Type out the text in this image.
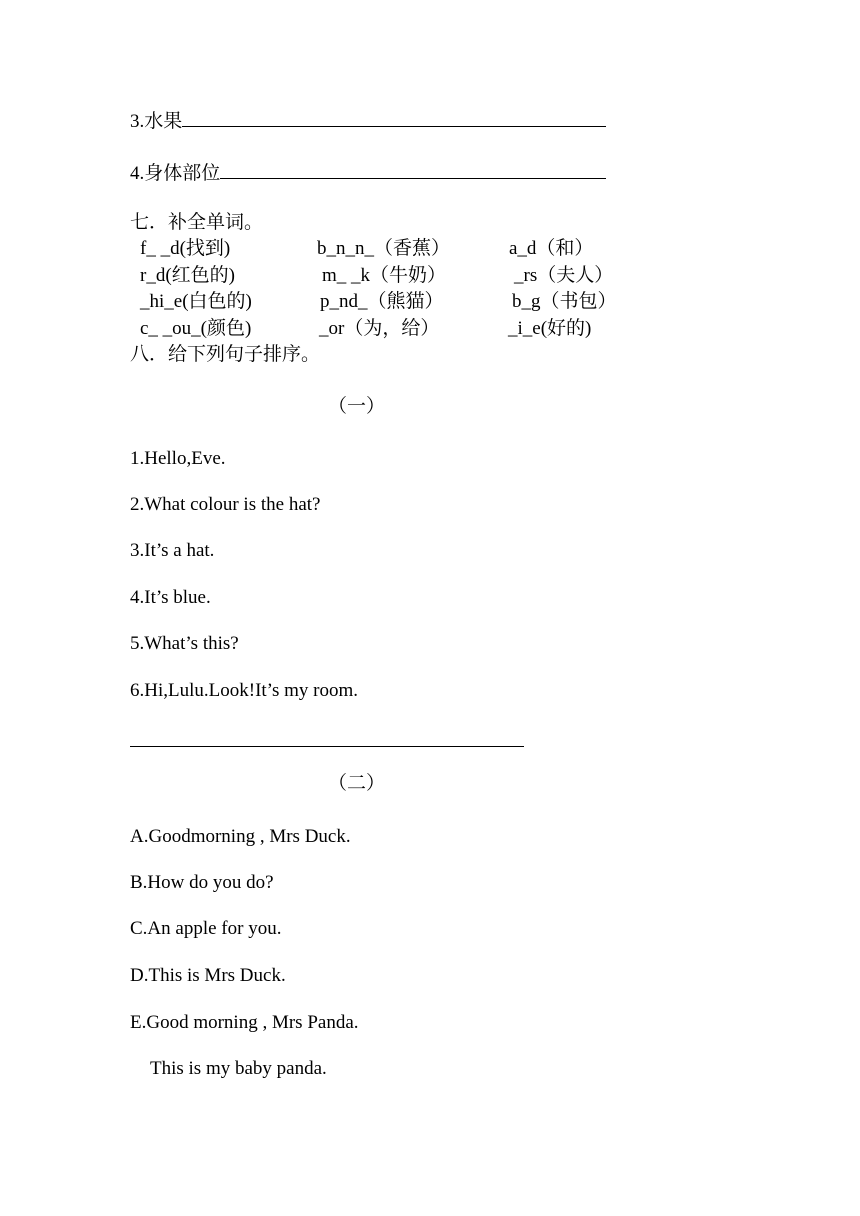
3.水果
4.身体部位
七．补全单词。
f_ _d(找到)	b_n_n_（香蕉）	a_d（和）
r_d(红色的)	m_ _k（牛奶）	_rs（夫人）
_hi_e(白色的)	p_nd_（熊猫）	b_g（书包）
c_ _ou_(颜色)	_or（为，给）	_i_e(好的)
八．给下列句子排序。
（一）
1.Hello,Eve.
2.What colour is the hat?
3.It’s a hat.
4.It’s blue.
5.What’s this?
6.Hi,Lulu.Look!It’s my room.
（二）
A.Goodmorning , Mrs Duck.
B.How do you do?
C.An apple for you.
D.This is Mrs Duck.
E.Good morning , Mrs Panda.
This is my baby panda.
